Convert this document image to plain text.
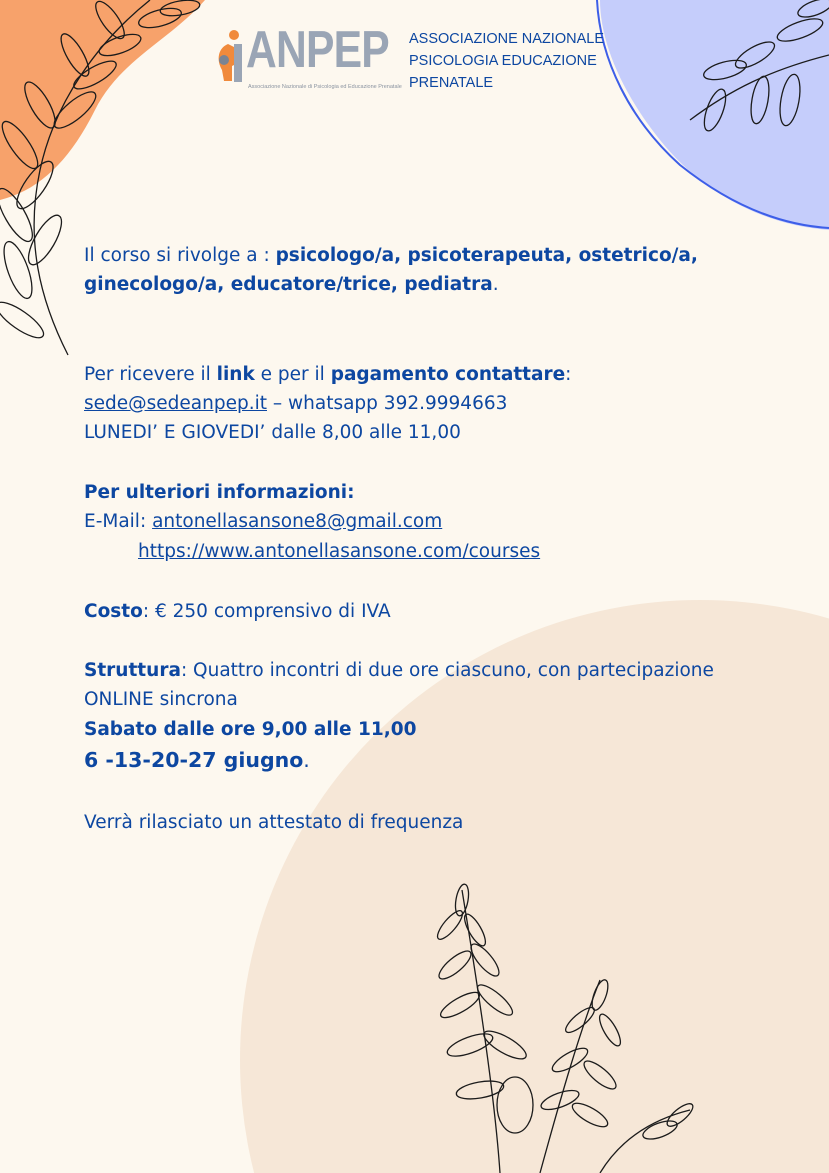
ANPEP
Associazione Nazionale di Psicologia ed Educazione Prenatale
ASSOCIAZIONE NAZIONALE
PSICOLOGIA EDUCAZIONE
PRENATALE
Il corso si rivolge a : psicologo/a, psicoterapeuta, ostetrico/a,
ginecologo/a, educatore/trice, pediatra.
Per ricevere il link e per il pagamento contattare:
sede@sedeanpep.it – whatsapp 392.9994663
LUNEDI’ E GIOVEDI’ dalle 8,00 alle 11,00
Per ulteriori informazioni:
E-Mail: antonellasansone8@gmail.com
https://www.antonellasansone.com/courses
Costo: € 250 comprensivo di IVA
Struttura: Quattro incontri di due ore ciascuno, con partecipazione
ONLINE sincrona
Sabato dalle ore 9,00 alle 11,00
6 -13-20-27 giugno.
Verrà rilasciato un attestato di frequenza
